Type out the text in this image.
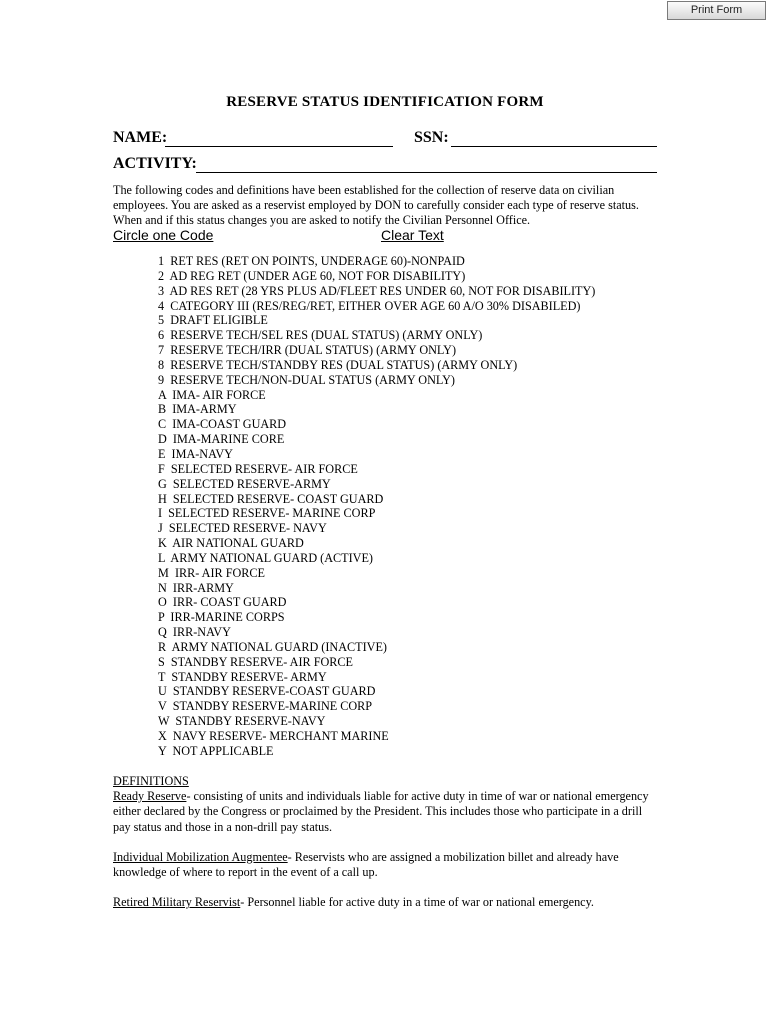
Print Form
RESERVE STATUS IDENTIFICATION FORM
NAME:	SSN:
ACTIVITY:
The following codes and definitions have been established for the collection of reserve data on civilian employees. You are asked as a reservist employed by DON to carefully consider each type of reserve status. When and if this status changes you are asked to notify the Civilian Personnel Office.
Circle one Code	Clear Text
1 RET RES (RET ON POINTS, UNDERAGE 60)-NONPAID
2 AD REG RET (UNDER AGE 60, NOT FOR DISABILITY)
3 AD RES RET (28 YRS PLUS AD/FLEET RES UNDER 60, NOT FOR DISABILITY)
4 CATEGORY III (RES/REG/RET, EITHER OVER AGE 60 A/O 30% DISABILED)
5 DRAFT ELIGIBLE
6 RESERVE TECH/SEL RES (DUAL STATUS) (ARMY ONLY)
7 RESERVE TECH/IRR (DUAL STATUS) (ARMY ONLY)
8 RESERVE TECH/STANDBY RES (DUAL STATUS) (ARMY ONLY)
9 RESERVE TECH/NON-DUAL STATUS (ARMY ONLY)
A IMA- AIR FORCE
B IMA-ARMY
C IMA-COAST GUARD
D IMA-MARINE CORE
E IMA-NAVY
F SELECTED RESERVE- AIR FORCE
G SELECTED RESERVE-ARMY
H SELECTED RESERVE- COAST GUARD
I SELECTED RESERVE- MARINE CORP
J SELECTED RESERVE- NAVY
K AIR NATIONAL GUARD
L ARMY NATIONAL GUARD (ACTIVE)
M IRR- AIR FORCE
N IRR-ARMY
O IRR- COAST GUARD
P IRR-MARINE CORPS
Q IRR-NAVY
R ARMY NATIONAL GUARD (INACTIVE)
S STANDBY RESERVE- AIR FORCE
T STANDBY RESERVE- ARMY
U STANDBY RESERVE-COAST GUARD
V STANDBY RESERVE-MARINE CORP
W STANDBY RESERVE-NAVY
X NAVY RESERVE- MERCHANT MARINE
Y NOT APPLICABLE

DEFINITIONS

Ready Reserve- consisting of units and individuals liable for active duty in time of war or national emergency either declared by the Congress or proclaimed by the President. This includes those who participate in a drill pay status and those in a non-drill pay status.

Individual Mobilization Augmentee- Reservists who are assigned a mobilization billet and already have knowledge of where to report in the event of a call up.

Retired Military Reservist- Personnel liable for active duty in a time of war or national emergency.
